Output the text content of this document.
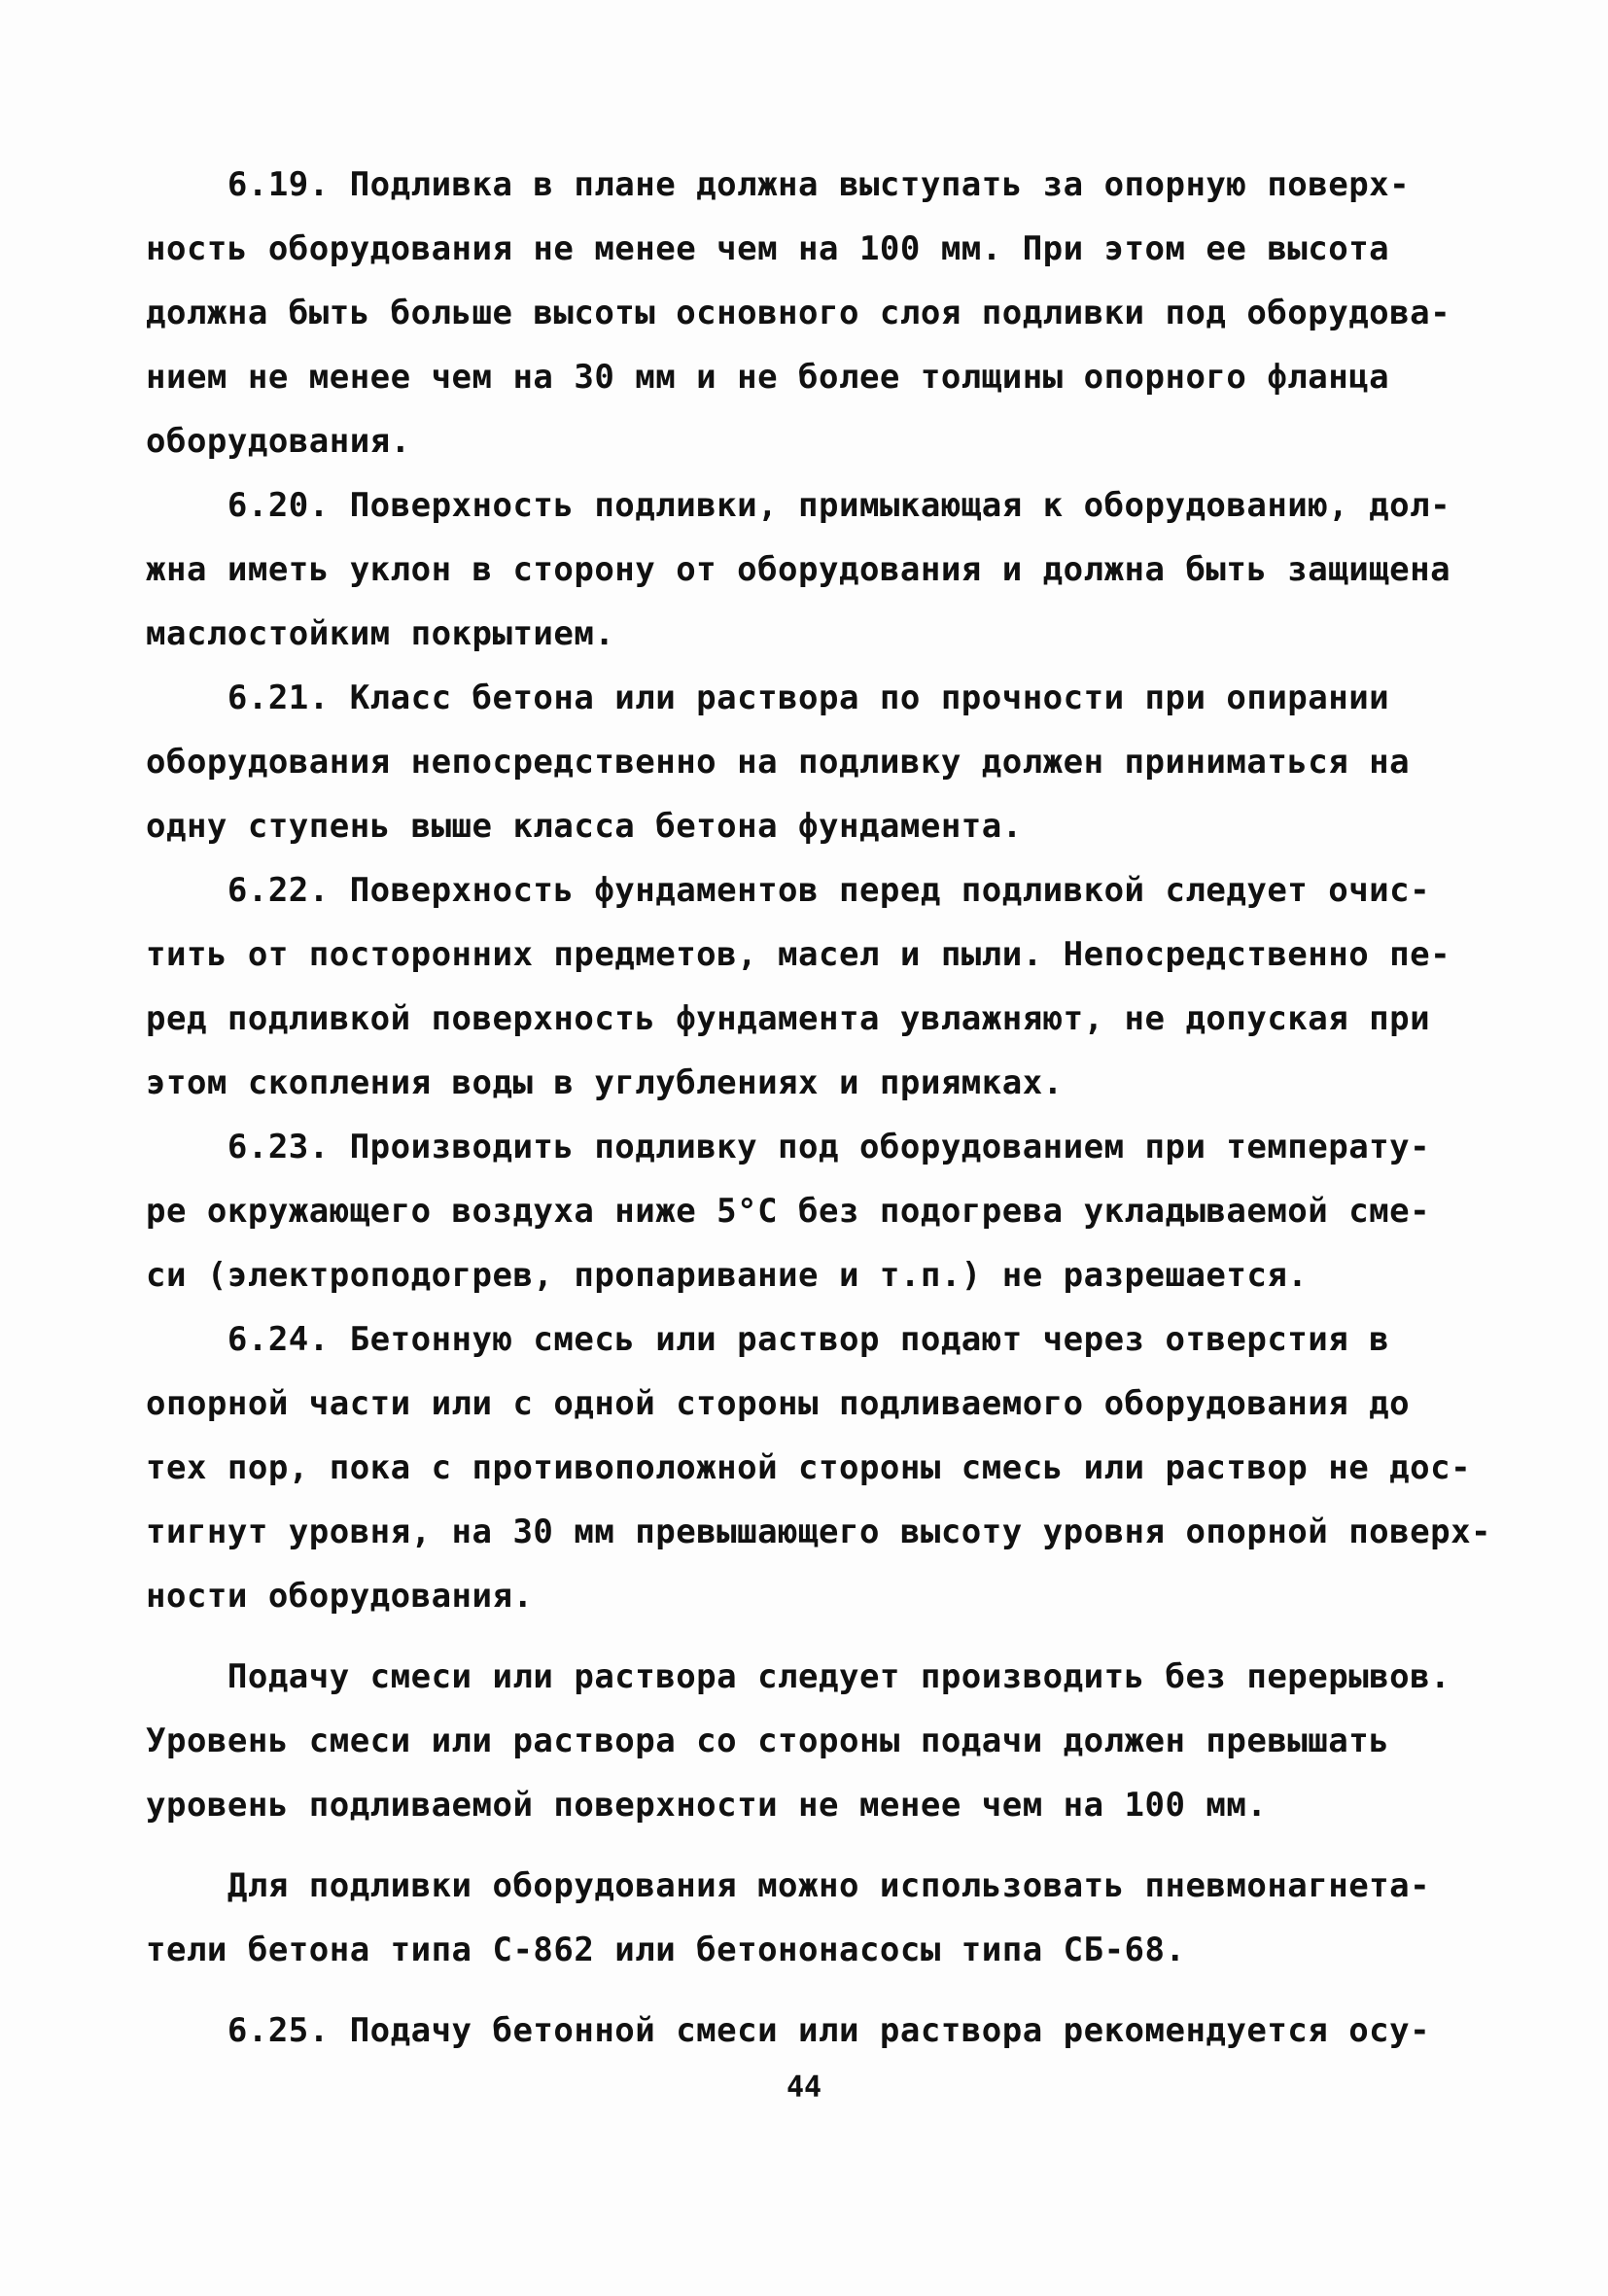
6.19. Подливка в плане должна выступать за опорную поверх-
ность оборудования не менее чем на 100 мм. При этом ее высота
должна быть больше высоты основного слоя подливки под оборудова-
нием не менее чем на 30 мм и не более толщины опорного фланца
оборудования.
6.20. Поверхность подливки, примыкающая к оборудованию, дол-
жна иметь уклон в сторону от оборудования и должна быть защищена
маслостойким покрытием.
6.21. Класс бетона или раствора по прочности при опирании
оборудования непосредственно на подливку должен приниматься на
одну ступень выше класса бетона фундамента.
6.22. Поверхность фундаментов перед подливкой следует очис-
тить от посторонних предметов, масел и пыли. Непосредственно пе-
ред подливкой поверхность фундамента увлажняют, не допуская при
этом скопления воды в углублениях и приямках.
6.23. Производить подливку под оборудованием при температу-
ре окружающего воздуха ниже 5°C без подогрева укладываемой сме-
си (электроподогрев, пропаривание и т.п.) не разрешается.
6.24. Бетонную смесь или раствор подают через отверстия в
опорной части или с одной стороны подливаемого оборудования до
тех пор, пока с противоположной стороны смесь или раствор не дос-
тигнут уровня, на 30 мм превышающего высоту уровня опорной поверх-
ности оборудования.
Подачу смеси или раствора следует производить без перерывов.
Уровень смеси или раствора со стороны подачи должен превышать
уровень подливаемой поверхности не менее чем на 100 мм.
Для подливки оборудования можно использовать пневмонагнета-
тели бетона типа С-862 или бетононасосы типа СБ-68.
6.25. Подачу бетонной смеси или раствора рекомендуется осу-
44
